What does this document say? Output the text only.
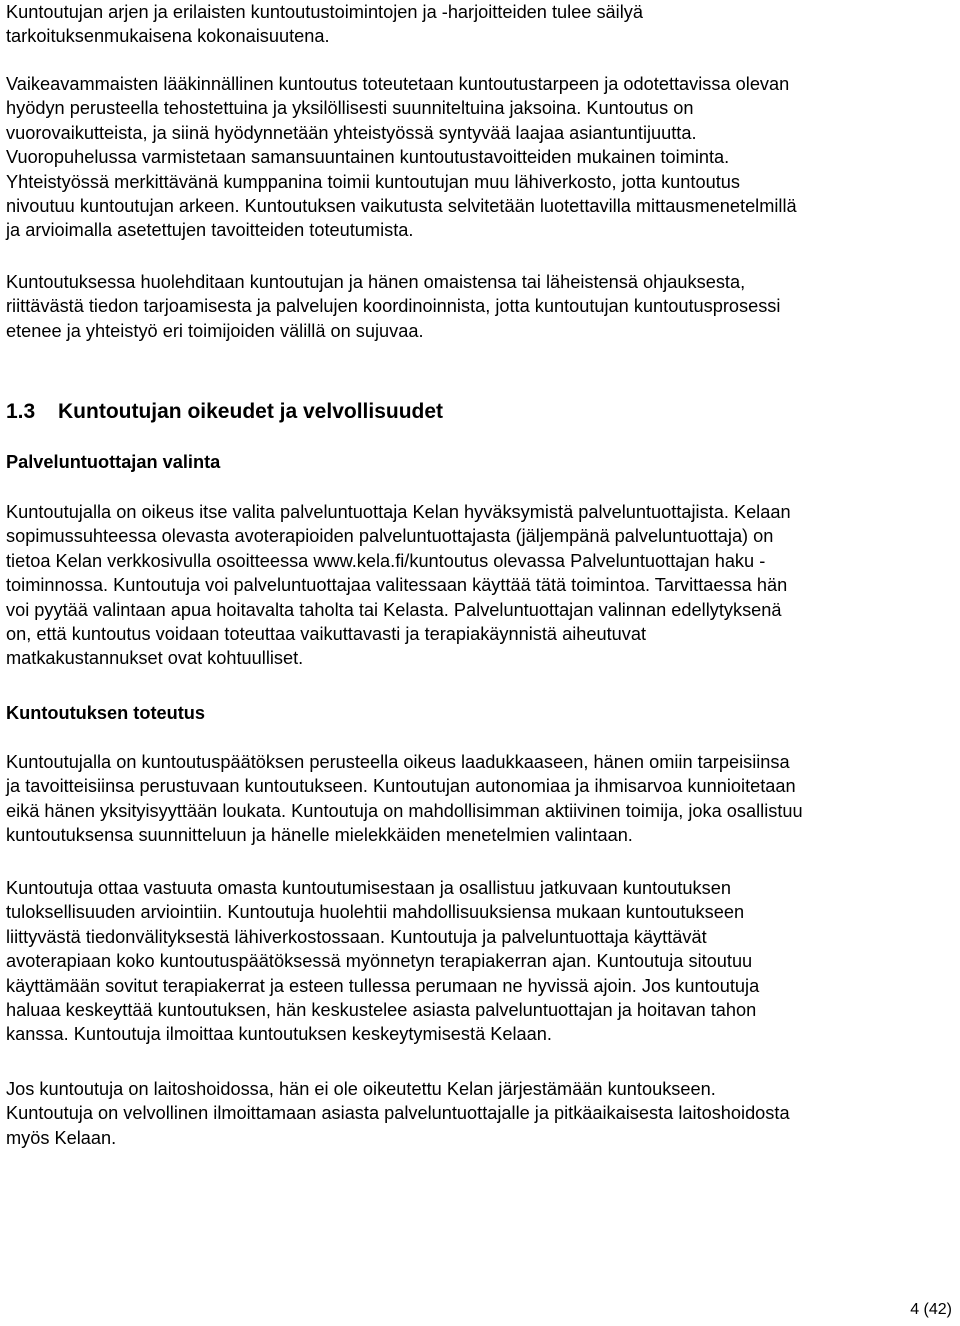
Kuntoutujan arjen ja erilaisten kuntoutustoimintojen ja -harjoitteiden tulee säilyä
tarkoituksenmukaisena kokonaisuutena.

Vaikeavammaisten lääkinnällinen kuntoutus toteutetaan kuntoutustarpeen ja odotettavissa olevan
hyödyn perusteella tehostettuina ja yksilöllisesti suunniteltuina jaksoina. Kuntoutus on
vuorovaikutteista, ja siinä hyödynnetään yhteistyössä syntyvää laajaa asiantuntijuutta.
Vuoropuhelussa varmistetaan samansuuntainen kuntoutustavoitteiden mukainen toiminta.
Yhteistyössä merkittävänä kumppanina toimii kuntoutujan muu lähiverkosto, jotta kuntoutus
nivoutuu kuntoutujan arkeen. Kuntoutuksen vaikutusta selvitetään luotettavilla mittausmenetelmillä
ja arvioimalla asetettujen tavoitteiden toteutumista.

Kuntoutuksessa huolehditaan kuntoutujan ja hänen omaistensa tai läheistensä ohjauksesta,
riittävästä tiedon tarjoamisesta ja palvelujen koordinoinnista, jotta kuntoutujan kuntoutusprosessi
etenee ja yhteistyö eri toimijoiden välillä on sujuvaa.

1.3 Kuntoutujan oikeudet ja velvollisuudet
Palveluntuottajan valinta

Kuntoutujalla on oikeus itse valita palveluntuottaja Kelan hyväksymistä palveluntuottajista. Kelaan
sopimussuhteessa olevasta avoterapioiden palveluntuottajasta (jäljempänä palveluntuottaja) on
tietoa Kelan verkkosivulla osoitteessa www.kela.fi/kuntoutus olevassa Palveluntuottajan haku -
toiminnossa. Kuntoutuja voi palveluntuottajaa valitessaan käyttää tätä toimintoa. Tarvittaessa hän
voi pyytää valintaan apua hoitavalta taholta tai Kelasta. Palveluntuottajan valinnan edellytyksenä
on, että kuntoutus voidaan toteuttaa vaikuttavasti ja terapiakäynnistä aiheutuvat
matkakustannukset ovat kohtuulliset.

Kuntoutuksen toteutus

Kuntoutujalla on kuntoutuspäätöksen perusteella oikeus laadukkaaseen, hänen omiin tarpeisiinsa
ja tavoitteisiinsa perustuvaan kuntoutukseen. Kuntoutujan autonomiaa ja ihmisarvoa kunnioitetaan
eikä hänen yksityisyyttään loukata. Kuntoutuja on mahdollisimman aktiivinen toimija, joka osallistuu
kuntoutuksensa suunnitteluun ja hänelle mielekkäiden menetelmien valintaan.

Kuntoutuja ottaa vastuuta omasta kuntoutumisestaan ja osallistuu jatkuvaan kuntoutuksen
tuloksellisuuden arviointiin. Kuntoutuja huolehtii mahdollisuuksiensa mukaan kuntoutukseen
liittyvästä tiedonvälityksestä lähiverkostossaan. Kuntoutuja ja palveluntuottaja käyttävät
avoterapiaan koko kuntoutuspäätöksessä myönnetyn terapiakerran ajan. Kuntoutuja sitoutuu
käyttämään sovitut terapiakerrat ja esteen tullessa perumaan ne hyvissä ajoin. Jos kuntoutuja
haluaa keskeyttää kuntoutuksen, hän keskustelee asiasta palveluntuottajan ja hoitavan tahon
kanssa. Kuntoutuja ilmoittaa kuntoutuksen keskeytymisestä Kelaan.

Jos kuntoutuja on laitoshoidossa, hän ei ole oikeutettu Kelan järjestämään kuntoukseen.
Kuntoutuja on velvollinen ilmoittamaan asiasta palveluntuottajalle ja pitkäaikaisesta laitoshoidosta
myös Kelaan.

4 (42)
